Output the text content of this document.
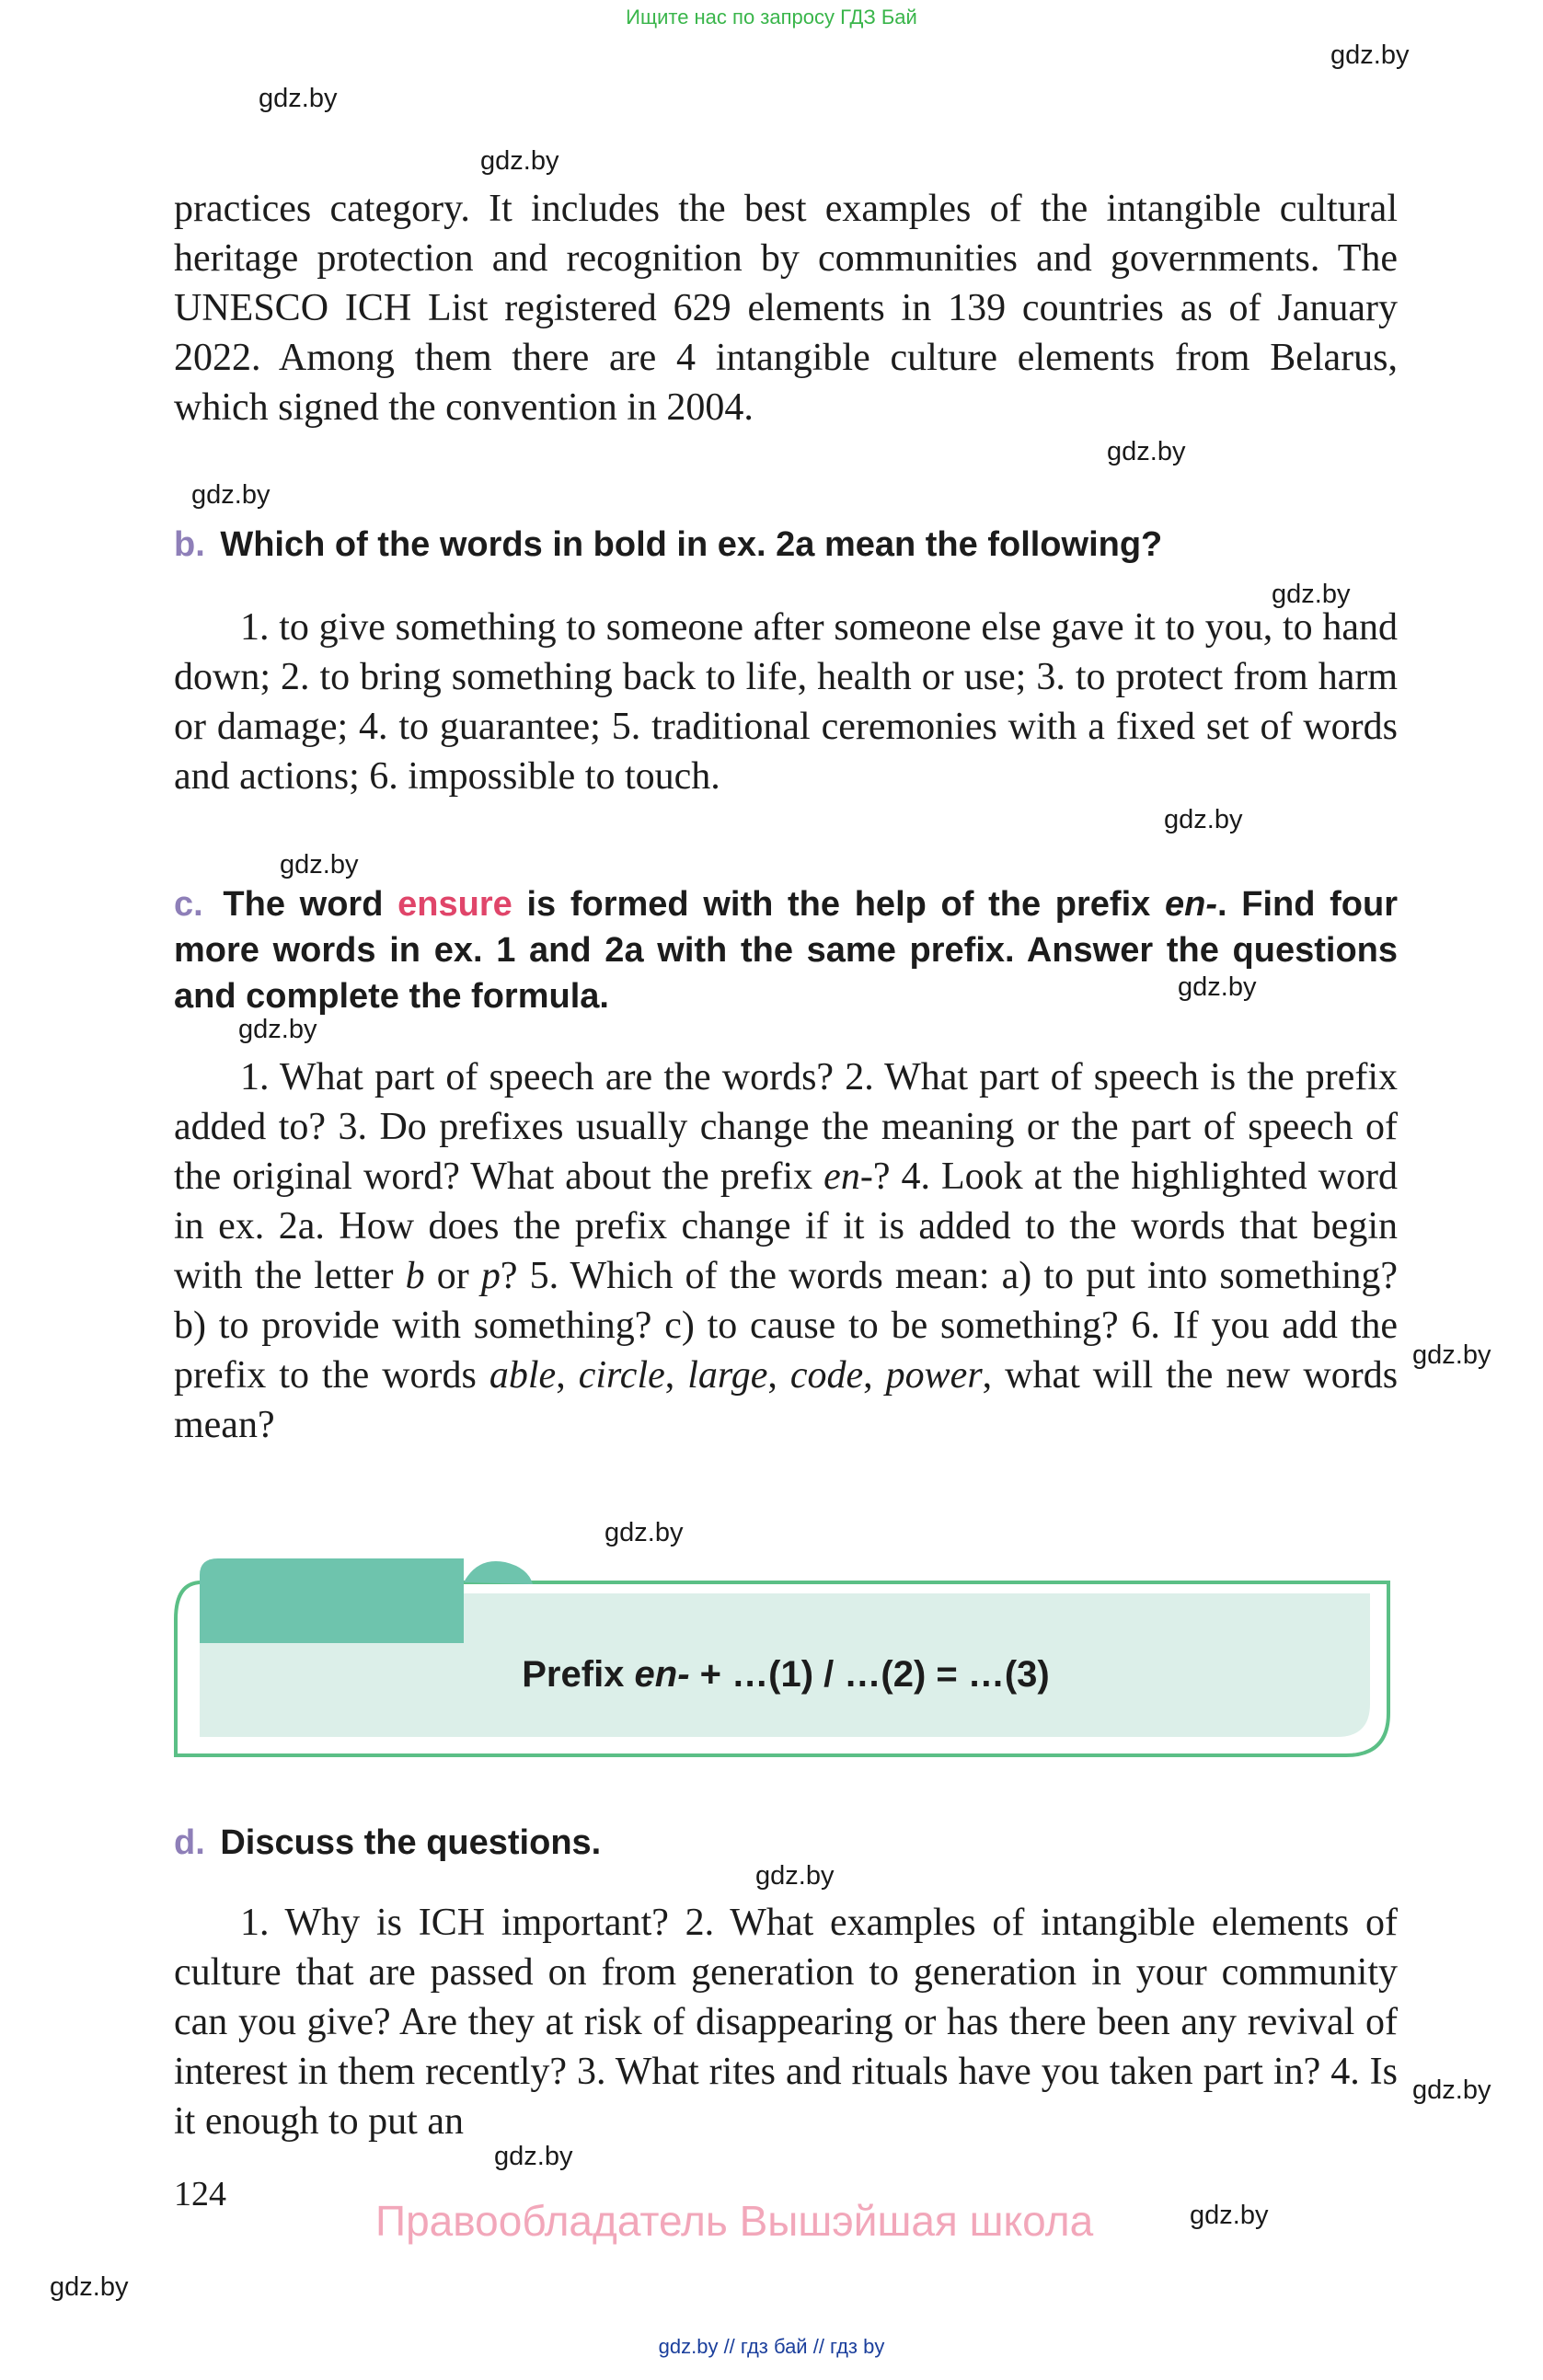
Ищите нас по запросу ГДЗ Бай
gdz.by
gdz.by
gdz.by
gdz.by
gdz.by
gdz.by
gdz.by
gdz.by
gdz.by
gdz.by
gdz.by
gdz.by
gdz.by
gdz.by
gdz.by
gdz.by
gdz.by
practices category. It includes the best examples of the intangible cultural heritage protection and recognition by communities and governments. The UNESCO ICH List registered 629 elements in 139 countries as of January 2022. Among them there are 4 intangible culture elements from Belarus, which signed the convention in 2004.
b. Which of the words in bold in ex. 2a mean the following?
1. to give something to someone after someone else gave it to you, to hand down; 2. to bring something back to life, health or use; 3. to protect from harm or damage; 4. to guarantee; 5. traditional ceremonies with a fixed set of words and actions; 6. impossible to touch.
c. The word ensure is formed with the help of the prefix en-. Find four more words in ex. 1 and 2a with the same prefix. Answer the questions and complete the formula.
1. What part of speech are the words? 2. What part of speech is the prefix added to? 3. Do prefixes usually change the meaning or the part of speech of the original word? What about the prefix en-? 4. Look at the highlighted word in ex. 2a. How does the prefix change if it is added to the words that begin with the letter b or p? 5. Which of the words mean: a) to put into something? b) to provide with something? c) to cause to be something? 6. If you add the prefix to the words able, circle, large, code, power, what will the new words mean?
Prefix en- + …(1) / …(2) = …(3)
d. Discuss the questions.
1. Why is ICH important? 2. What examples of intangible elements of culture that are passed on from generation to generation in your community can you give? Are they at risk of disappearing or has there been any revival of interest in them recently? 3. What rites and rituals have you taken part in? 4. Is it enough to put an
124
Правообладатель Вышэйшая школа
gdz.by // гдз бай // гдз by
